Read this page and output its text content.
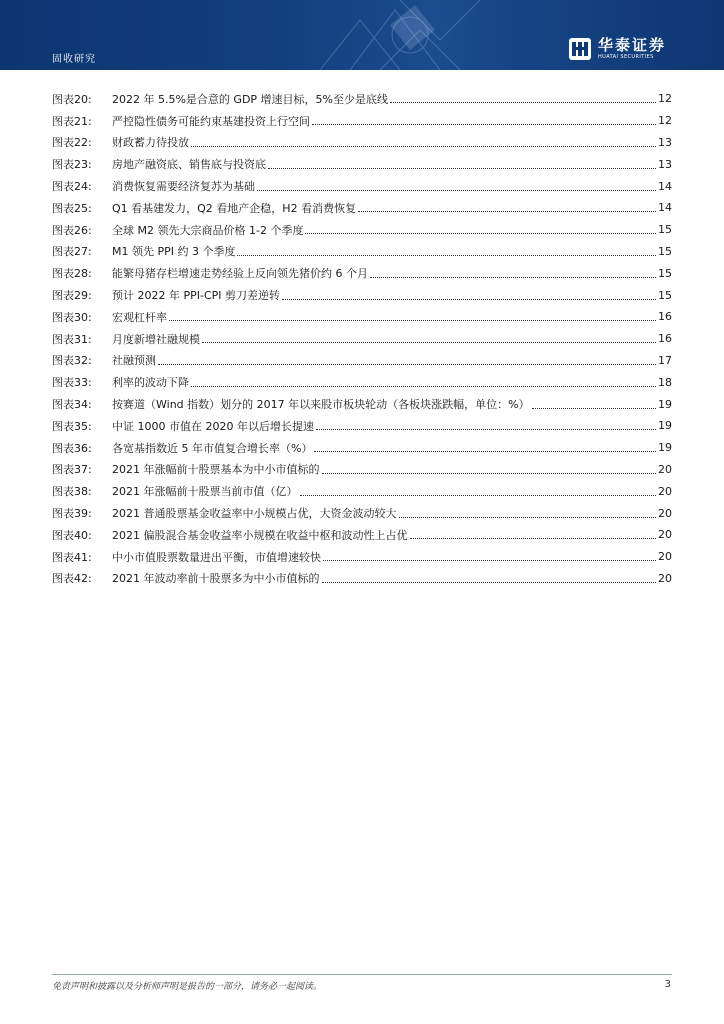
固收研究
华泰证券
HUATAI SECURITIES
图表20:	2022 年 5.5%是合意的 GDP 增速目标，5%至少是底线	12
图表21:	严控隐性债务可能约束基建投资上行空间	12
图表22:	财政蓄力待投放	13
图表23:	房地产融资底、销售底与投资底	13
图表24:	消费恢复需要经济复苏为基础	14
图表25:	Q1 看基建发力，Q2 看地产企稳，H2 看消费恢复	14
图表26:	全球 M2 领先大宗商品价格 1-2 个季度	15
图表27:	M1 领先 PPI 约 3 个季度	15
图表28:	能繁母猪存栏增速走势经验上反向领先猪价约 6 个月	15
图表29:	预计 2022 年 PPI-CPI 剪刀差逆转	15
图表30:	宏观杠杆率	16
图表31:	月度新增社融规模	16
图表32:	社融预测	17
图表33:	利率的波动下降	18
图表34:	按赛道（Wind 指数）划分的 2017 年以来股市板块轮动（各板块涨跌幅，单位：%）	19
图表35:	中证 1000 市值在 2020 年以后增长提速	19
图表36:	各宽基指数近 5 年市值复合增长率（%）	19
图表37:	2021 年涨幅前十股票基本为中小市值标的	20
图表38:	2021 年涨幅前十股票当前市值（亿）	20
图表39:	2021 普通股票基金收益率中小规模占优，大资金波动较大	20
图表40:	2021 偏股混合基金收益率小规模在收益中枢和波动性上占优	20
图表41:	中小市值股票数量进出平衡，市值增速较快	20
图表42:	2021 年波动率前十股票多为中小市值标的	20
免责声明和披露以及分析师声明是报告的一部分，请务必一起阅读。	3
